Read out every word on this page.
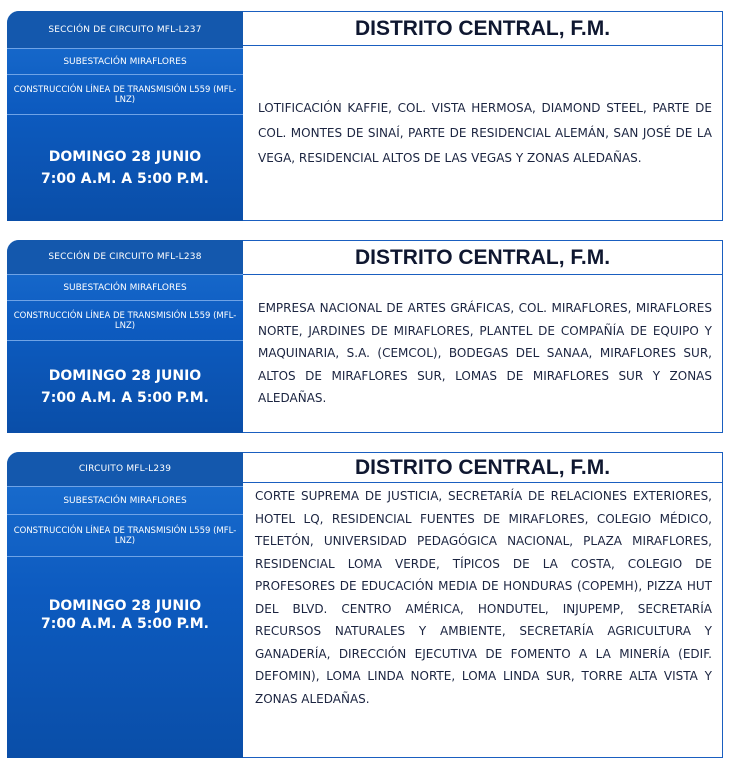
SECCIÓN DE CIRCUITO MFL-L237
SUBESTACIÓN MIRAFLORES
CONSTRUCCIÓN LÍNEA DE TRANSMISIÓN L559 (MFL-LNZ)
DOMINGO 28 JUNIO
7:00 A.M. A 5:00 P.M.
DISTRITO CENTRAL, F.M.
LOTIFICACIÓN KAFFIE, COL. VISTA HERMOSA, DIAMOND STEEL, PARTE DE COL. MONTES DE SINAÍ, PARTE DE RESIDENCIAL ALEMÁN, SAN JOSÉ DE LA VEGA, RESIDENCIAL ALTOS DE LAS VEGAS Y ZONAS ALEDAÑAS.
SECCIÓN DE CIRCUITO MFL-L238
SUBESTACIÓN MIRAFLORES
CONSTRUCCIÓN LÍNEA DE TRANSMISIÓN L559 (MFL-LNZ)
DOMINGO 28 JUNIO
7:00 A.M. A 5:00 P.M.
DISTRITO CENTRAL, F.M.
EMPRESA NACIONAL DE ARTES GRÁFICAS, COL. MIRAFLORES, MIRAFLORES NORTE, JARDINES DE MIRAFLORES, PLANTEL DE COMPAÑÍA DE EQUIPO Y MAQUINARIA, S.A. (CEMCOL), BODEGAS DEL SANAA, MIRAFLORES SUR, ALTOS DE MIRAFLORES SUR, LOMAS DE MIRAFLORES SUR Y ZONAS ALEDAÑAS.
CIRCUITO MFL-L239
SUBESTACIÓN MIRAFLORES
CONSTRUCCIÓN LÍNEA DE TRANSMISIÓN L559 (MFL-LNZ)
DOMINGO 28 JUNIO
7:00 A.M. A 5:00 P.M.
DISTRITO CENTRAL, F.M.
CORTE SUPREMA DE JUSTICIA, SECRETARÍA DE RELACIONES EXTERIORES, HOTEL LQ, RESIDENCIAL FUENTES DE MIRAFLORES, COLEGIO MÉDICO, TELETÓN, UNIVERSIDAD PEDAGÓGICA NACIONAL, PLAZA MIRAFLORES, RESIDENCIAL LOMA VERDE, TÍPICOS DE LA COSTA, COLEGIO DE PROFESORES DE EDUCACIÓN MEDIA DE HONDURAS (COPEMH), PIZZA HUT DEL BLVD. CENTRO AMÉRICA, HONDUTEL, INJUPEMP, SECRETARÍA RECURSOS NATURALES Y AMBIENTE, SECRETARÍA AGRICULTURA Y GANADERÍA, DIRECCIÓN EJECUTIVA DE FOMENTO A LA MINERÍA (EDIF. DEFOMIN), LOMA LINDA NORTE, LOMA LINDA SUR, TORRE ALTA VISTA Y ZONAS ALEDAÑAS.
